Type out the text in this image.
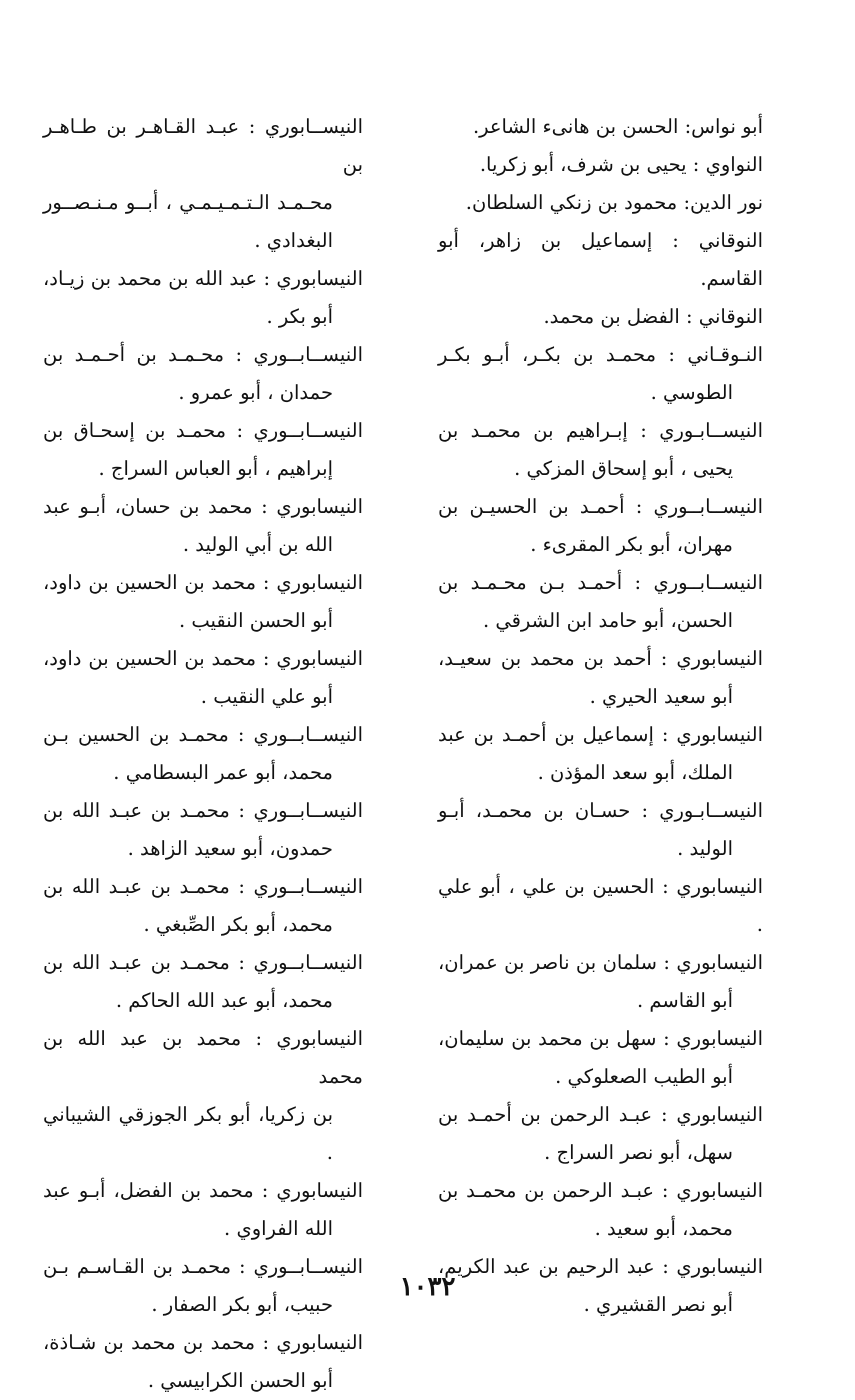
أبو نواس: الحسن بن هانىء الشاعر.
النواوي : يحيى بن شرف، أبو زكريا.
نور الدين: محمود بن زنكي السلطان.
النوقاني : إسماعيل بن زاهر، أبو القاسم.
النوقاني : الفضل بن محمد.
النـوقـاني : محمـد بن بكـر، أبـو بكـر
الطوسي .
النيســابـوري : إبـراهيم بن محمـد بن
يحيى ، أبو إسحاق المزكي .
النيســابــوري : أحمـد بن الحسيـن بن
مهران، أبو بكر المقرىء .
النيســابــوري : أحمـد بـن محـمـد بن
الحسن، أبو حامد ابن الشرقي .
النيسابوري : أحمد بن محمد بن سعيـد،
أبو سعيد الحيري .
النيسابوري : إسماعيل بن أحمـد بن عبد
الملك، أبو سعد المؤذن .
النيســابـوري : حسـان بن محمـد، أبـو
الوليد .
النيسابوري : الحسين بن علي ، أبو علي .
النيسابوري : سلمان بن ناصر بن عمران،
أبو القاسم .
النيسابوري : سهل بن محمد بن سليمان،
أبو الطيب الصعلوكي .
النيسابوري : عبـد الرحمن بن أحمـد بن
سهل، أبو نصر السراج .
النيسابوري : عبـد الرحمن بن محمـد بن
محمد، أبو سعيد .
النيسابوري : عبد الرحيم بن عبد الكريم،
أبو نصر القشيري .
النيســابوري : عبـد القـاهـر بن طـاهـر بن
محـمـد الـتـمـيـمـي ، أبــو مـنـصــور
البغدادي .
النيسابوري : عبد الله بن محمد بن زيـاد،
أبو بكر .
النيســابــوري : محـمـد بن أحـمـد بن
حمدان ، أبو عمرو .
النيســابــوري : محمـد بن إسحـاق بن
إبراهيم ، أبو العباس السراج .
النيسابوري : محمد بن حسان، أبـو عبد
الله بن أبي الوليد .
النيسابوري : محمد بن الحسين بن داود،
أبو الحسن النقيب .
النيسابوري : محمد بن الحسين بن داود،
أبو علي النقيب .
النيســابــوري : محمـد بن الحسين بـن
محمد، أبو عمر البسطامي .
النيســابــوري : محمـد بن عبـد الله بن
حمدون، أبو سعيد الزاهد .
النيســابــوري : محمـد بن عبـد الله بن
محمد، أبو بكر الصِّبغي .
النيســابــوري : محمـد بن عبـد الله بن
محمد، أبو عبد الله الحاكم .
النيسابوري : محمد بن عبد الله بن محمد
بن زكريا، أبو بكر الجوزقي الشيباني .
النيسابوري : محمد بن الفضل، أبـو عبد
الله الفراوي .
النيســابــوري : محمـد بن القـاسـم بـن
حبيب، أبو بكر الصفار .
النيسابوري : محمد بن محمد بن شـاذة،
أبو الحسن الكرابيسي .
١٠٣٢
